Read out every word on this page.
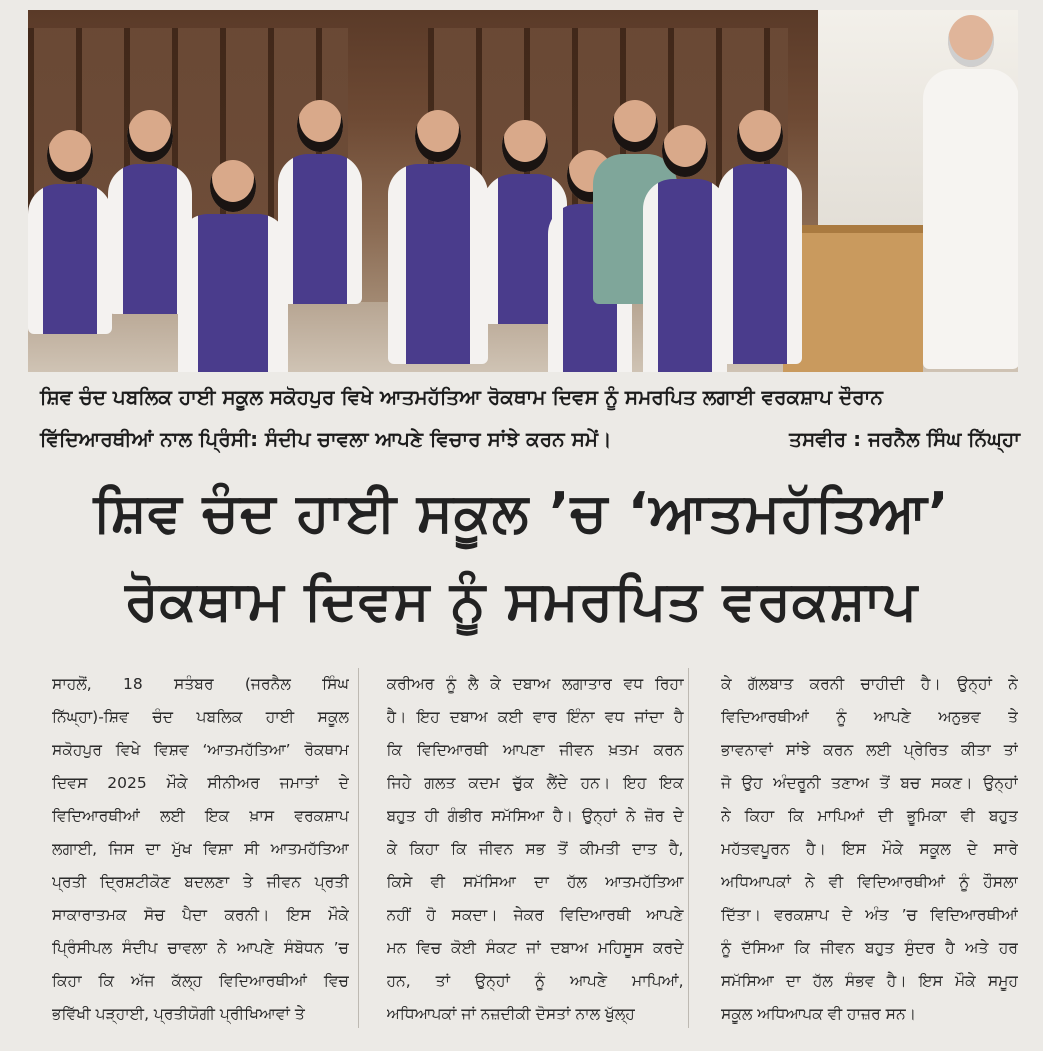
ਸ਼ਿਵ ਚੰਦ ਪਬਲਿਕ ਹਾਈ ਸਕੂਲ ਸਕੋਹਪੁਰ ਵਿਖੇ ਆਤਮਹੱਤਿਆ ਰੋਕਥਾਮ ਦਿਵਸ ਨੂੰ ਸਮਰਪਿਤ ਲਗਾਈ ਵਰਕਸ਼ਾਪ ਦੌਰਾਨ
ਵਿੱਦਿਆਰਥੀਆਂ ਨਾਲ ਪ੍ਰਿੰਸੀ: ਸੰਦੀਪ ਚਾਵਲਾ ਆਪਣੇ ਵਿਚਾਰ ਸਾਂਝੇ ਕਰਨ ਸਮੇਂ।	ਤਸਵੀਰ : ਜਰਨੈਲ ਸਿੰਘ ਨਿੱਘ੍ਹਾ
ਸ਼ਿਵ ਚੰਦ ਹਾਈ ਸਕੂਲ ’ਚ ‘ਆਤਮਹੱਤਿਆ’
ਰੋਕਥਾਮ ਦਿਵਸ ਨੂੰ ਸਮਰਪਿਤ ਵਰਕਸ਼ਾਪ
ਸਾਹਲੋਂ, 18 ਸਤੰਬਰ (ਜਰਨੈਲ ਸਿੰਘ
ਨਿੱਘ੍ਹਾ)-ਸ਼ਿਵ ਚੰਦ ਪਬਲਿਕ ਹਾਈ ਸਕੂਲ
ਸਕੋਹਪੁਰ ਵਿਖੇ ਵਿਸ਼ਵ ‘ਆਤਮਹੱਤਿਆ’ ਰੋਕਥਾਮ
ਦਿਵਸ 2025 ਮੌਕੇ ਸੀਨੀਅਰ ਜਮਾਤਾਂ ਦੇ
ਵਿਦਿਆਰਥੀਆਂ ਲਈ ਇਕ ਖ਼ਾਸ ਵਰਕਸ਼ਾਪ
ਲਗਾਈ, ਜਿਸ ਦਾ ਮੁੱਖ ਵਿਸ਼ਾ ਸੀ ਆਤਮਹੱਤਿਆ
ਪ੍ਰਤੀ ਦ੍ਰਿਸ਼ਟੀਕੋਣ ਬਦਲਣਾ ਤੇ ਜੀਵਨ ਪ੍ਰਤੀ
ਸਾਕਾਰਾਤਮਕ ਸੋਚ ਪੈਦਾ ਕਰਨੀ। ਇਸ ਮੌਕੇ
ਪ੍ਰਿੰਸੀਪਲ ਸੰਦੀਪ ਚਾਵਲਾ ਨੇ ਆਪਣੇ ਸੰਬੋਧਨ ’ਚ
ਕਿਹਾ ਕਿ ਅੱਜ ਕੱਲ੍ਹ ਵਿਦਿਆਰਥੀਆਂ ਵਿਚ
ਭਵਿੱਖੀ ਪੜ੍ਹਾਈ, ਪ੍ਰਤੀਯੋਗੀ ਪ੍ਰੀਖਿਆਵਾਂ ਤੇ
ਕਰੀਅਰ ਨੂੰ ਲੈ ਕੇ ਦਬਾਅ ਲਗਾਤਾਰ ਵਧ ਰਿਹਾ
ਹੈ। ਇਹ ਦਬਾਅ ਕਈ ਵਾਰ ਇੰਨਾ ਵਧ ਜਾਂਦਾ ਹੈ
ਕਿ ਵਿਦਿਆਰਥੀ ਆਪਣਾ ਜੀਵਨ ਖ਼ਤਮ ਕਰਨ
ਜਿਹੇ ਗਲਤ ਕਦਮ ਚੁੱਕ ਲੈਂਦੇ ਹਨ। ਇਹ ਇਕ
ਬਹੁਤ ਹੀ ਗੰਭੀਰ ਸਮੱਸਿਆ ਹੈ। ਉਨ੍ਹਾਂ ਨੇ ਜ਼ੋਰ ਦੇ
ਕੇ ਕਿਹਾ ਕਿ ਜੀਵਨ ਸਭ ਤੋਂ ਕੀਮਤੀ ਦਾਤ ਹੈ,
ਕਿਸੇ ਵੀ ਸਮੱਸਿਆ ਦਾ ਹੱਲ ਆਤਮਹੱਤਿਆ
ਨਹੀਂ ਹੋ ਸਕਦਾ। ਜੇਕਰ ਵਿਦਿਆਰਥੀ ਆਪਣੇ
ਮਨ ਵਿਚ ਕੋਈ ਸੰਕਟ ਜਾਂ ਦਬਾਅ ਮਹਿਸੂਸ ਕਰਦੇ
ਹਨ, ਤਾਂ ਉਨ੍ਹਾਂ ਨੂੰ ਆਪਣੇ ਮਾਪਿਆਂ,
ਅਧਿਆਪਕਾਂ ਜਾਂ ਨਜ਼ਦੀਕੀ ਦੋਸਤਾਂ ਨਾਲ ਖੁੱਲ੍ਹ
ਕੇ ਗੱਲਬਾਤ ਕਰਨੀ ਚਾਹੀਦੀ ਹੈ। ਉਨ੍ਹਾਂ ਨੇ
ਵਿਦਿਆਰਥੀਆਂ ਨੂੰ ਆਪਣੇ ਅਨੁਭਵ ਤੇ
ਭਾਵਨਾਵਾਂ ਸਾਂਝੇ ਕਰਨ ਲਈ ਪ੍ਰੇਰਿਤ ਕੀਤਾ ਤਾਂ
ਜੋ ਉਹ ਅੰਦਰੂਨੀ ਤਣਾਅ ਤੋਂ ਬਚ ਸਕਣ। ਉਨ੍ਹਾਂ
ਨੇ ਕਿਹਾ ਕਿ ਮਾਪਿਆਂ ਦੀ ਭੂਮਿਕਾ ਵੀ ਬਹੁਤ
ਮਹੱਤਵਪੂਰਨ ਹੈ। ਇਸ ਮੌਕੇ ਸਕੂਲ ਦੇ ਸਾਰੇ
ਅਧਿਆਪਕਾਂ ਨੇ ਵੀ ਵਿਦਿਆਰਥੀਆਂ ਨੂੰ ਹੌਸਲਾ
ਦਿੱਤਾ। ਵਰਕਸ਼ਾਪ ਦੇ ਅੰਤ ’ਚ ਵਿਦਿਆਰਥੀਆਂ
ਨੂੰ ਦੱਸਿਆ ਕਿ ਜੀਵਨ ਬਹੁਤ ਸੁੰਦਰ ਹੈ ਅਤੇ ਹਰ
ਸਮੱਸਿਆ ਦਾ ਹੱਲ ਸੰਭਵ ਹੈ। ਇਸ ਮੌਕੇ ਸਮੂਹ
ਸਕੂਲ ਅਧਿਆਪਕ ਵੀ ਹਾਜ਼ਰ ਸਨ।
